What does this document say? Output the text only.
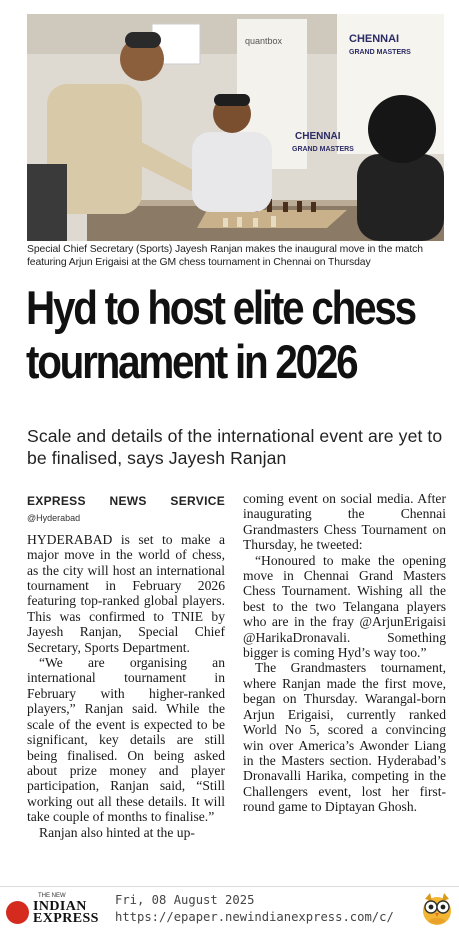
quantbox	CHENNAI
GRAND MASTERS
CHENNAI
GRAND MASTERS
Special Chief Secretary (Sports) Jayesh Ranjan makes the inaugural move in the match featuring Arjun Erigaisi at the GM chess tournament in Chennai on Thursday
Hyd to host elite chess
tournament in 2026
Scale and details of the international event are yet to be finalised, says Jayesh Ranjan
EXPRESS NEWS SERVICE @Hyderabad

HYDERABAD is set to make a major move in the world of chess, as the city will host an international tournament in February 2026 featuring top-ranked global players. This was confirmed to TNIE by Jayesh Ranjan, Special Chief Secretary, Sports Department.

“We are organising an international tournament in February with higher-ranked players,” Ranjan said. While the scale of the event is expected to be significant, key details are still being finalised. On being asked about prize money and player participation, Ranjan said, “Still working out all these details. It will take couple of months to finalise.”

Ranjan also hinted at the up-

coming event on social media. After inaugurating the Chennai Grandmasters Chess Tournament on Thursday, he tweeted:

“Honoured to make the opening move in Chennai Grand Masters Chess Tournament. Wishing all the best to the two Telangana players who are in the fray @ArjunErigaisi @HarikaDronavali. Something bigger is coming Hyd’s way too.”

The Grandmasters tournament, where Ranjan made the first move, began on Thursday. Warangal-born Arjun Erigaisi, currently ranked World No 5, scored a convincing win over America’s Awonder Liang in the Masters section. Hyderabad’s Dronavalli Harika, competing in the Challengers event, lost her first-round game to Diptayan Ghosh.

THE NEW
INDIAN
EXPRESS
Fri, 08 August 2025
https://epaper.newindianexpress.com/c/
